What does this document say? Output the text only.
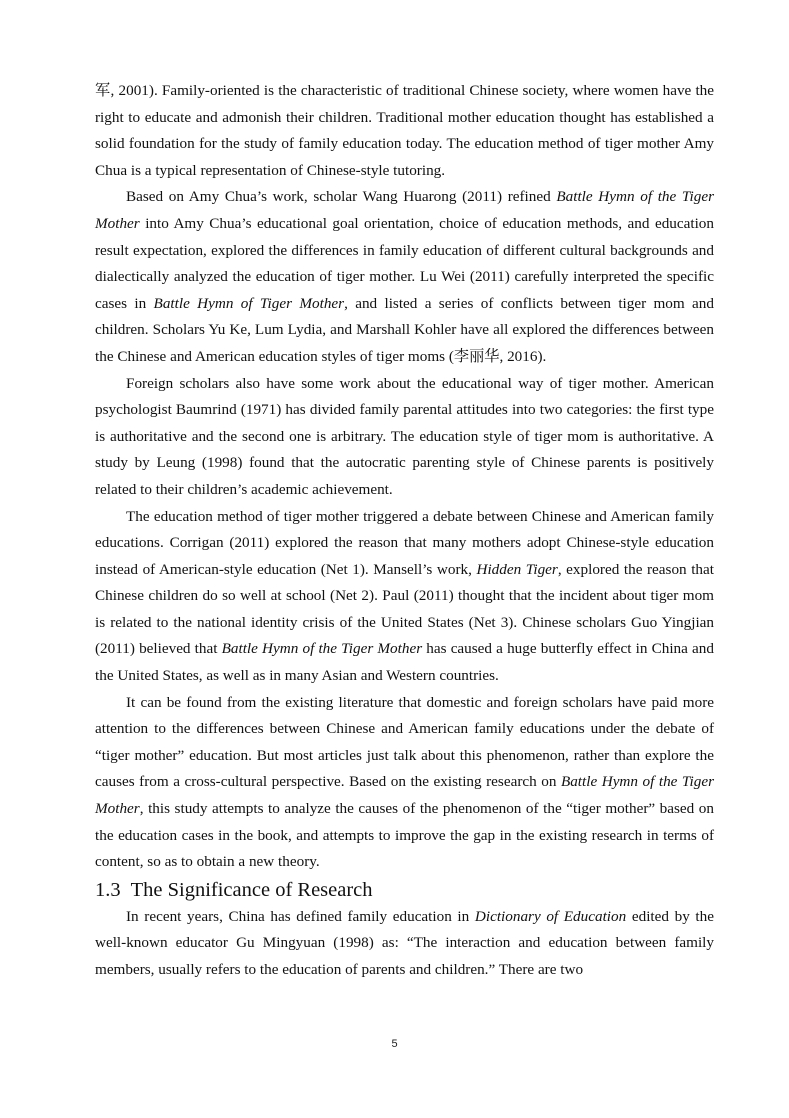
军, 2001). Family-oriented is the characteristic of traditional Chinese society, where women have the right to educate and admonish their children. Traditional mother education thought has established a solid foundation for the study of family education today. The education method of tiger mother Amy Chua is a typical representation of Chinese-style tutoring.

Based on Amy Chua’s work, scholar Wang Huarong (2011) refined Battle Hymn of the Tiger Mother into Amy Chua’s educational goal orientation, choice of education methods, and education result expectation, explored the differences in family education of different cultural backgrounds and dialectically analyzed the education of tiger mother. Lu Wei (2011) carefully interpreted the specific cases in Battle Hymn of Tiger Mother, and listed a series of conflicts between tiger mom and children. Scholars Yu Ke, Lum Lydia, and Marshall Kohler have all explored the differences between the Chinese and American education styles of tiger moms (李丽华, 2016).

Foreign scholars also have some work about the educational way of tiger mother. American psychologist Baumrind (1971) has divided family parental attitudes into two categories: the first type is authoritative and the second one is arbitrary. The education style of tiger mom is authoritative. A study by Leung (1998) found that the autocratic parenting style of Chinese parents is positively related to their children’s academic achievement.

The education method of tiger mother triggered a debate between Chinese and American family educations. Corrigan (2011) explored the reason that many mothers adopt Chinese-style education instead of American-style education (Net 1). Mansell’s work, Hidden Tiger, explored the reason that Chinese children do so well at school (Net 2). Paul (2011) thought that the incident about tiger mom is related to the national identity crisis of the United States (Net 3). Chinese scholars Guo Yingjian (2011) believed that Battle Hymn of the Tiger Mother has caused a huge butterfly effect in China and the United States, as well as in many Asian and Western countries.

It can be found from the existing literature that domestic and foreign scholars have paid more attention to the differences between Chinese and American family educations under the debate of “tiger mother” education. But most articles just talk about this phenomenon, rather than explore the causes from a cross-cultural perspective. Based on the existing research on Battle Hymn of the Tiger Mother, this study attempts to analyze the causes of the phenomenon of the “tiger mother” based on the education cases in the book, and attempts to improve the gap in the existing research in terms of content, so as to obtain a new theory.

1.3 The Significance of Research

In recent years, China has defined family education in Dictionary of Education edited by the well-known educator Gu Mingyuan (1998) as: “The interaction and education between family members, usually refers to the education of parents and children.” There are two

5
